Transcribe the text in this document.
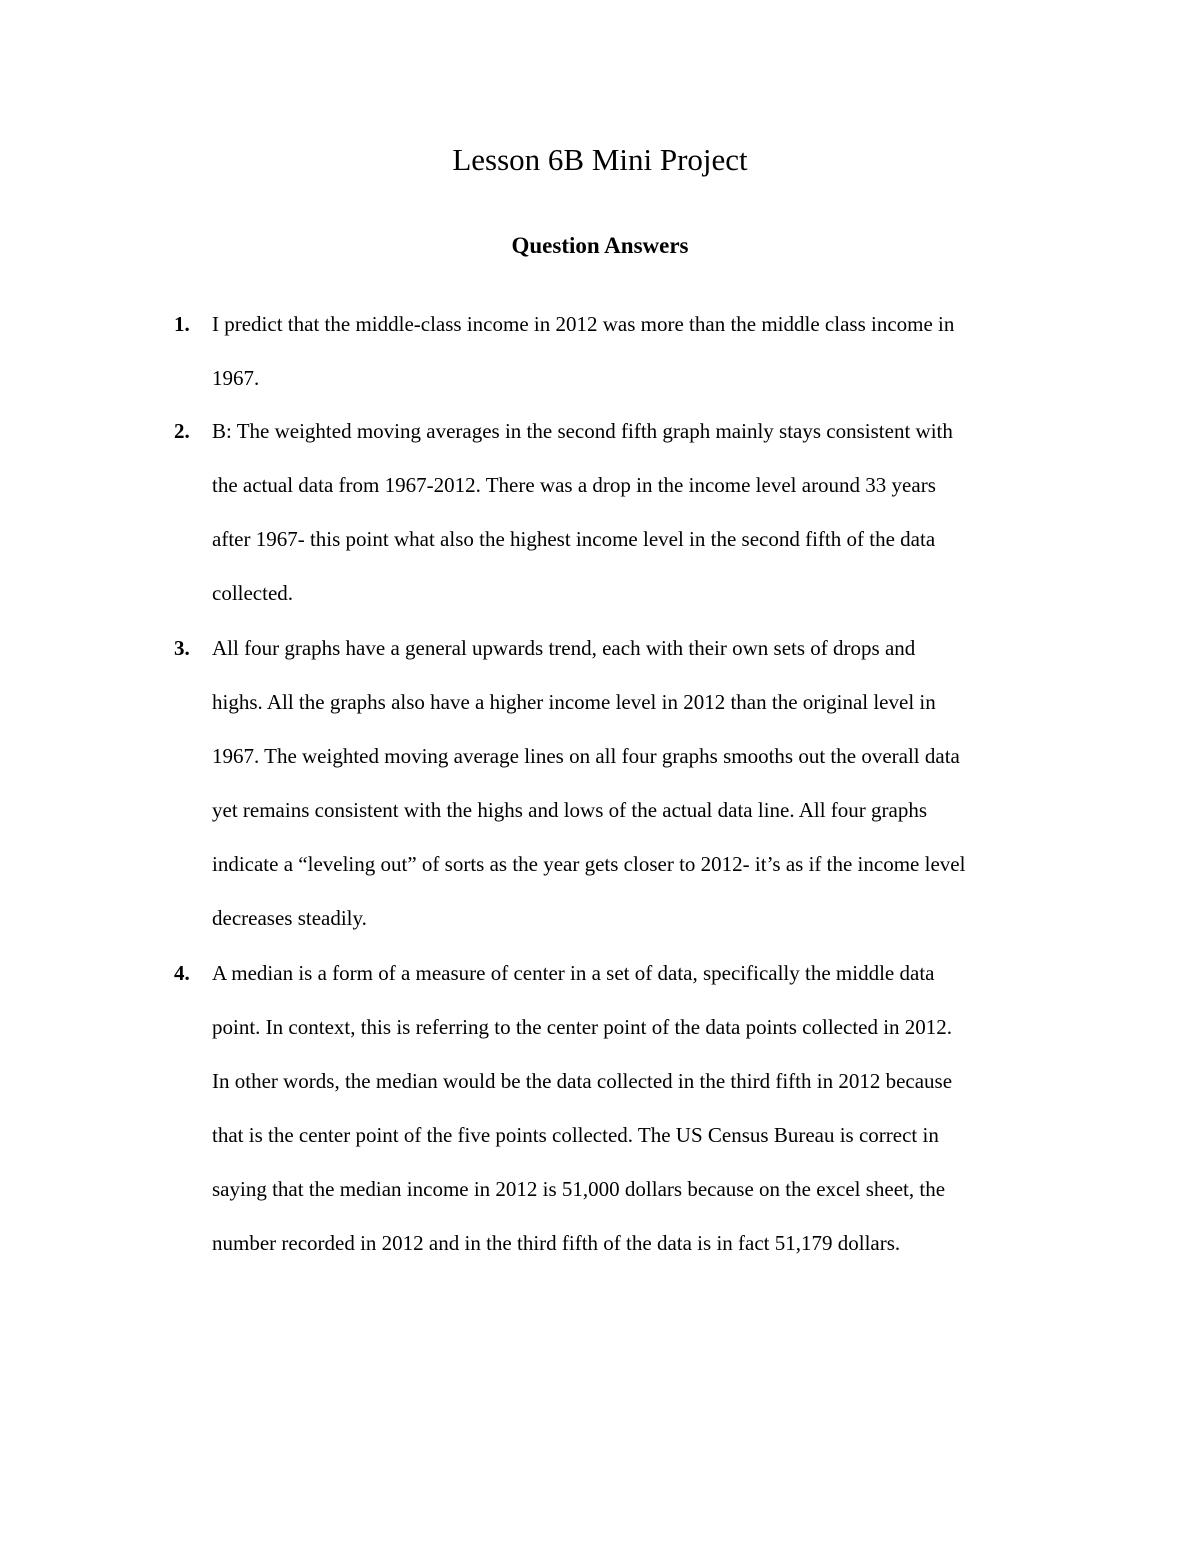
Lesson 6B Mini Project
Question Answers
1. I predict that the middle-class income in 2012 was more than the middle class income in
1967.
2. B: The weighted moving averages in the second fifth graph mainly stays consistent with
the actual data from 1967-2012. There was a drop in the income level around 33 years
after 1967- this point what also the highest income level in the second fifth of the data
collected.
3. All four graphs have a general upwards trend, each with their own sets of drops and
highs. All the graphs also have a higher income level in 2012 than the original level in
1967. The weighted moving average lines on all four graphs smooths out the overall data
yet remains consistent with the highs and lows of the actual data line. All four graphs
indicate a “leveling out” of sorts as the year gets closer to 2012- it’s as if the income level
decreases steadily.
4. A median is a form of a measure of center in a set of data, specifically the middle data
point. In context, this is referring to the center point of the data points collected in 2012.
In other words, the median would be the data collected in the third fifth in 2012 because
that is the center point of the five points collected. The US Census Bureau is correct in
saying that the median income in 2012 is 51,000 dollars because on the excel sheet, the
number recorded in 2012 and in the third fifth of the data is in fact 51,179 dollars.
